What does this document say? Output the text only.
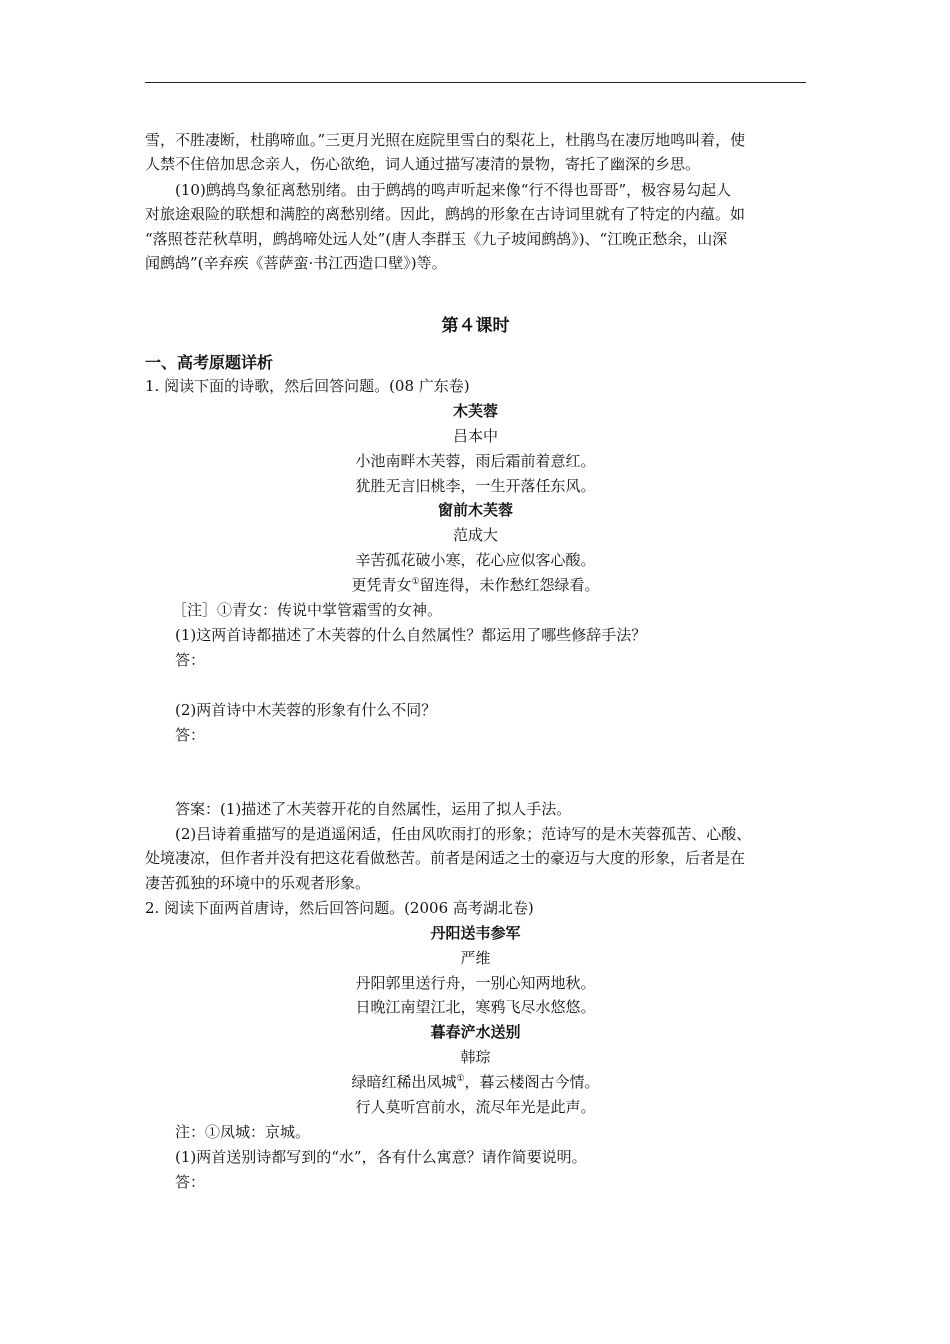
雪，不胜凄断，杜鹃啼血。”三更月光照在庭院里雪白的梨花上，杜鹃鸟在凄厉地鸣叫着，使
人禁不住倍加思念亲人，伤心欲绝，词人通过描写凄清的景物，寄托了幽深的乡思。
(10)鹧鸪鸟象征离愁别绪。由于鹧鸪的鸣声听起来像“行不得也哥哥”，极容易勾起人
对旅途艰险的联想和满腔的离愁别绪。因此，鹧鸪的形象在古诗词里就有了特定的内蕴。如
“落照苍茫秋草明，鹧鸪啼处远人处”(唐人李群玉《九子坡闻鹧鸪》)、“江晚正愁余，山深
闻鹧鸪”(辛弃疾《菩萨蛮·书江西造口壁》)等。
第４课时
一、高考原题详析
1. 阅读下面的诗歌，然后回答问题。(08 广东卷)
木芙蓉
吕本中
小池南畔木芙蓉，雨后霜前着意红。
犹胜无言旧桃李，一生开落任东风。
窗前木芙蓉
范成大
辛苦孤花破小寒，花心应似客心酸。
更凭青女①留连得，未作愁红怨绿看。
［注］①青女：传说中掌管霜雪的女神。
(1)这两首诗都描述了木芙蓉的什么自然属性？都运用了哪些修辞手法？
答：
(2)两首诗中木芙蓉的形象有什么不同？
答：
答案：(1)描述了木芙蓉开花的自然属性，运用了拟人手法。
(2)吕诗着重描写的是逍遥闲适，任由风吹雨打的形象；范诗写的是木芙蓉孤苦、心酸、
处境凄凉，但作者并没有把这花看做愁苦。前者是闲适之士的豪迈与大度的形象，后者是在
凄苦孤独的环境中的乐观者形象。
2. 阅读下面两首唐诗，然后回答问题。(2006 高考湖北卷)
丹阳送韦参军
严维
丹阳郭里送行舟，一别心知两地秋。
日晚江南望江北，寒鸦飞尽水悠悠。
暮春浐水送别
韩琮
绿暗红稀出凤城①，暮云楼阁古今情。
行人莫听宫前水，流尽年光是此声。
注：①凤城：京城。
(1)两首送别诗都写到的“水”，各有什么寓意？请作简要说明。
答：
